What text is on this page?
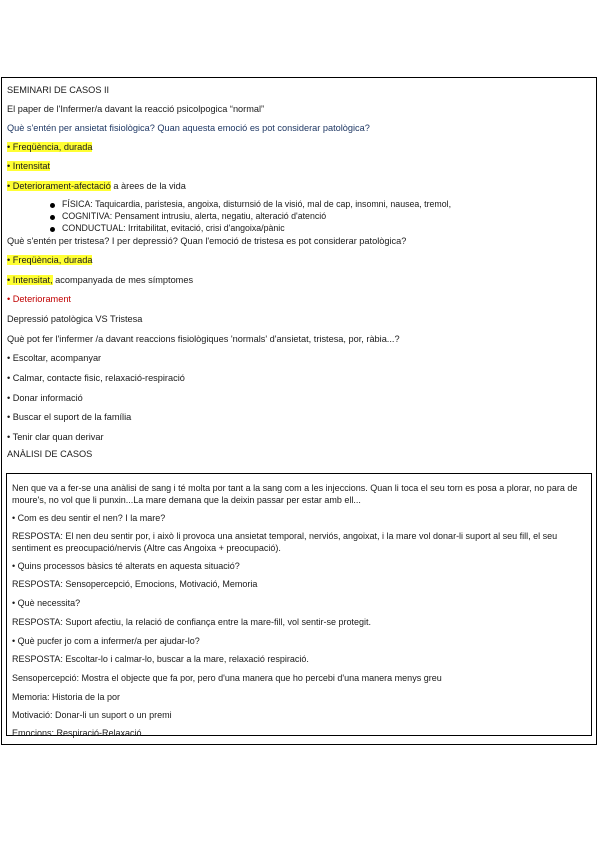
SEMINARI DE CASOS II
El paper de l'Infermer/a davant la reacció psicolpogica “normal”
Què s'entén per ansietat fisiològica? Quan aquesta emoció es pot considerar patològica?
• Freqüència, durada
• Intensitat
• Deteriorament-afectació a àrees de la vida
FÍSICA: Taquicardia, paristesia, angoixa, disturnsió de la visió, mal de cap, insomni, nausea, tremol,
COGNITIVA: Pensament intrusiu, alerta, negatiu, alteració d'atenció
CONDUCTUAL: Irritabilitat, evitació, crisi d'angoixa/pànic
Què s'entén per tristesa? I per depressió? Quan l'emoció de tristesa es pot considerar patològica?
• Freqüència, durada
• Intensitat, acompanyada de mes símptomes
• Deteriorament
Depressió patològica VS Tristesa
Què pot fer l'infermer /a davant reaccions fisiològiques 'normals' d'ansietat, tristesa, por, ràbia...?
• Escoltar, acompanyar
• Calmar, contacte fisic, relaxació-respiració
• Donar informació
• Buscar el suport de la família
• Tenir clar quan derivar
ANÀLISI DE CASOS
Nen que va a fer-se una anàlisi de sang i té molta por tant a la sang com a les injeccions. Quan li toca el seu torn es posa a plorar, no para de moure's, no vol que li punxin...La mare demana que la deixin passar per estar amb ell...
• Com es deu sentir el nen? I la mare?
RESPOSTA: El nen deu sentir por, i això li provoca una ansietat temporal, nerviós, angoixat, i la mare vol donar-li suport al seu fill, el seu sentiment es preocupació/nervis (Altre cas Angoixa + preocupació).
• Quins processos bàsics té alterats en aquesta situació?
RESPOSTA: Sensopercepció, Emocions, Motivació, Memoria
• Què necessita?
RESPOSTA: Suport afectiu, la relació de confiança entre la mare-fill, vol sentir-se protegit.
• Què pucfer jo com a infermer/a per ajudar-lo?
RESPOSTA: Escoltar-lo i calmar-lo, buscar a la mare, relaxació respiració.
Sensopercepció: Mostra el objecte que fa por, pero d'una manera que ho percebi d'una manera menys greu
Memoria: Historia de la por
Motivació: Donar-li un suport o un premi
Emocions: Respiració-Relaxació
